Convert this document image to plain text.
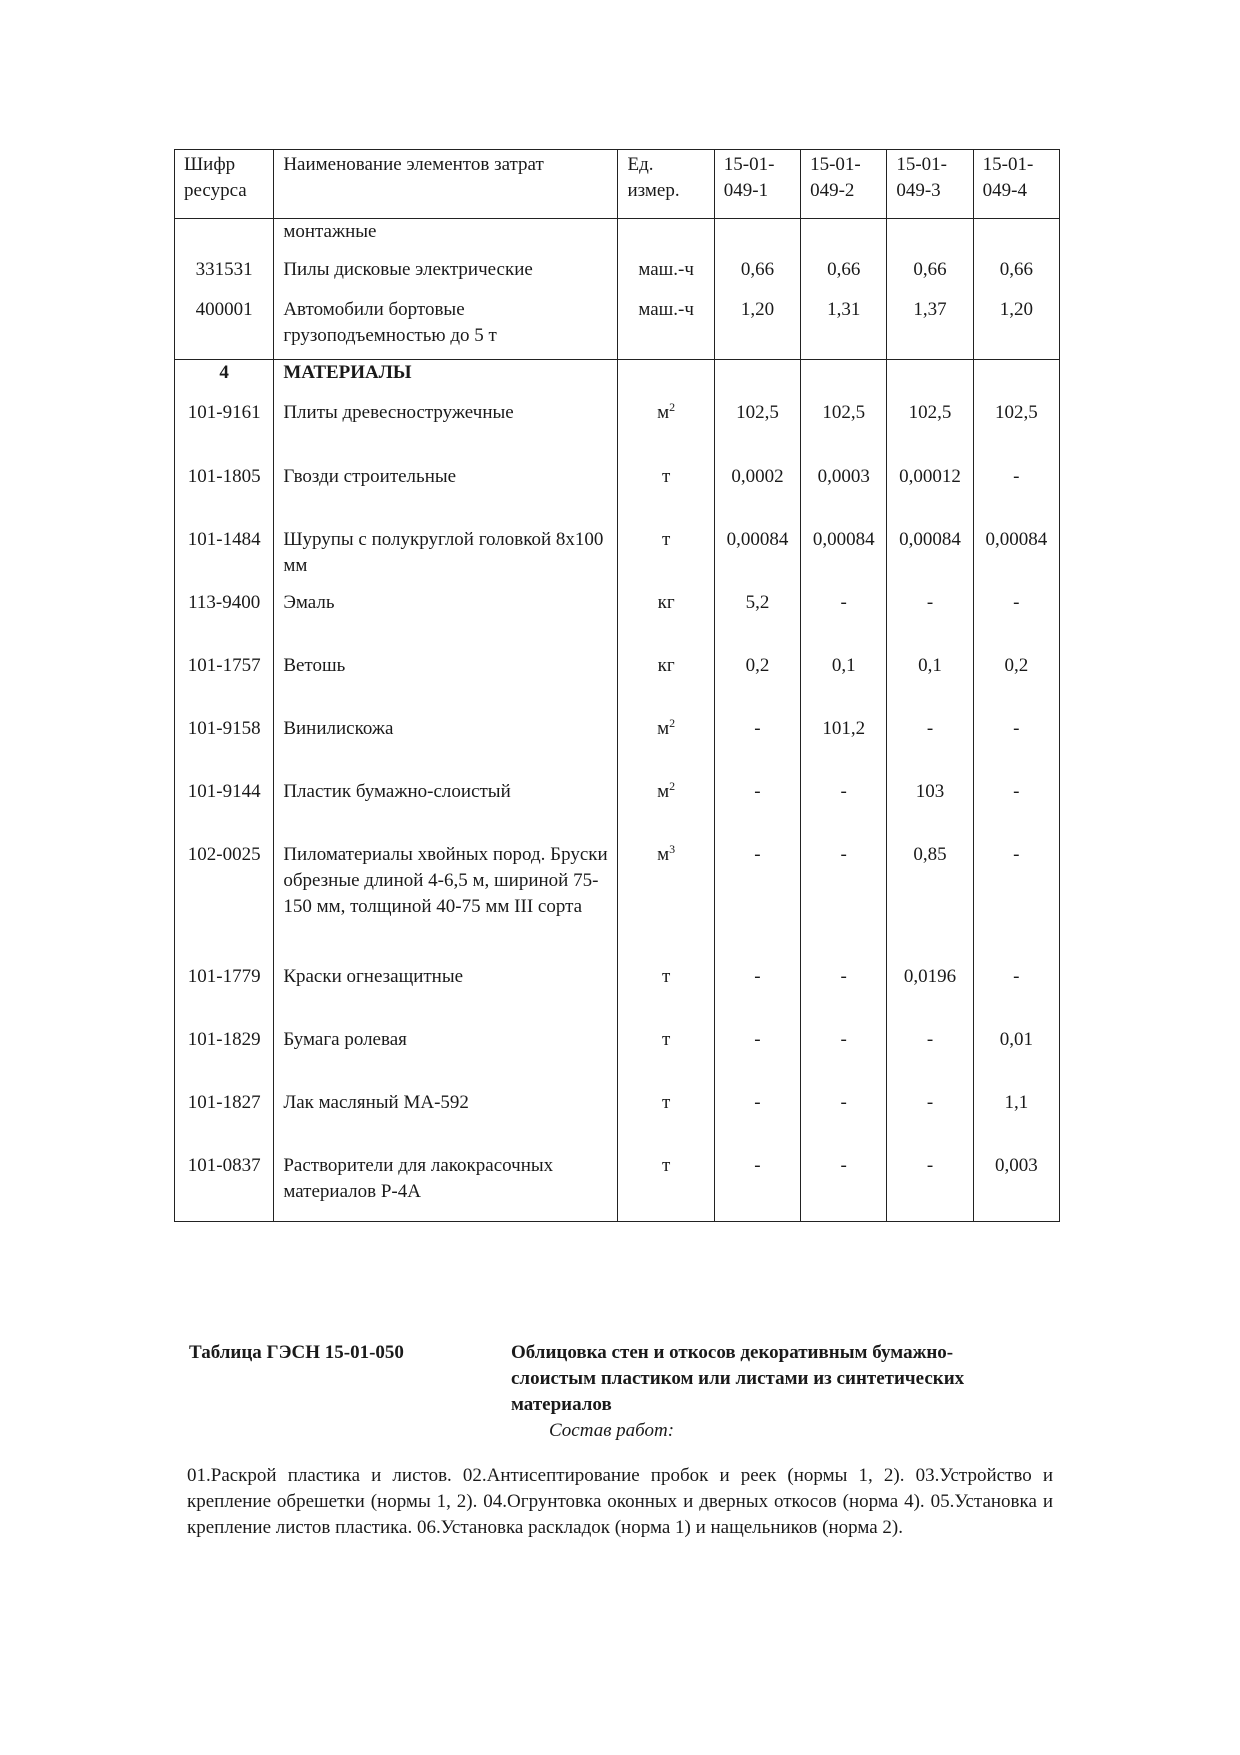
Шифр ресурса	Наименование элементов затрат	Ед. измер.	15-01-049-1	15-01-049-2	15-01-049-3	15-01-049-4
	монтажные					
331531	Пилы дисковые электрические	маш.-ч	0,66	0,66	0,66	0,66
400001	Автомобили бортовые грузоподъемностью до 5 т	маш.-ч	1,20	1,31	1,37	1,20
4	МАТЕРИАЛЫ					
101-9161	Плиты древесностружечные	$м^2$	102,5	102,5	102,5	102,5
101-1805	Гвозди строительные	т	0,0002	0,0003	0,00012	-
101-1484	Шурупы с полукруглой головкой 8х100 мм	т	0,00084	0,00084	0,00084	0,00084
113-9400	Эмаль	кг	5,2	-	-	-
101-1757	Ветошь	кг	0,2	0,1	0,1	0,2
101-9158	Винилискожа	$м^2$	-	101,2	-	-
101-9144	Пластик бумажно-слоистый	$м^2$	-	-	103	-
102-0025	Пиломатериалы хвойных пород. Бруски обрезные длиной 4-6,5 м, шириной 75-150 мм, толщиной 40-75 мм III сорта	$м^3$	-	-	0,85	-
101-1779	Краски огнезащитные	т	-	-	0,0196	-
101-1829	Бумага ролевая	т	-	-	-	0,01
101-1827	Лак масляный МА-592	т	-	-	-	1,1
101-0837	Растворители для лакокрасочных материалов Р-4А	т	-	-	-	0,003
Таблица ГЭСН 15-01-050	Облицовка стен и откосов декоративным бумажно-слоистым пластиком или листами из синтетических материалов
Состав работ:
01.Раскрой пластика и листов. 02.Антисептирование пробок и реек (нормы 1, 2). 03.Устройство и крепление обрешетки (нормы 1, 2). 04.Огрунтовка оконных и дверных откосов (норма 4). 05.Установка и крепление листов пластика. 06.Установка раскладок (норма 1) и нащельников (норма 2).
